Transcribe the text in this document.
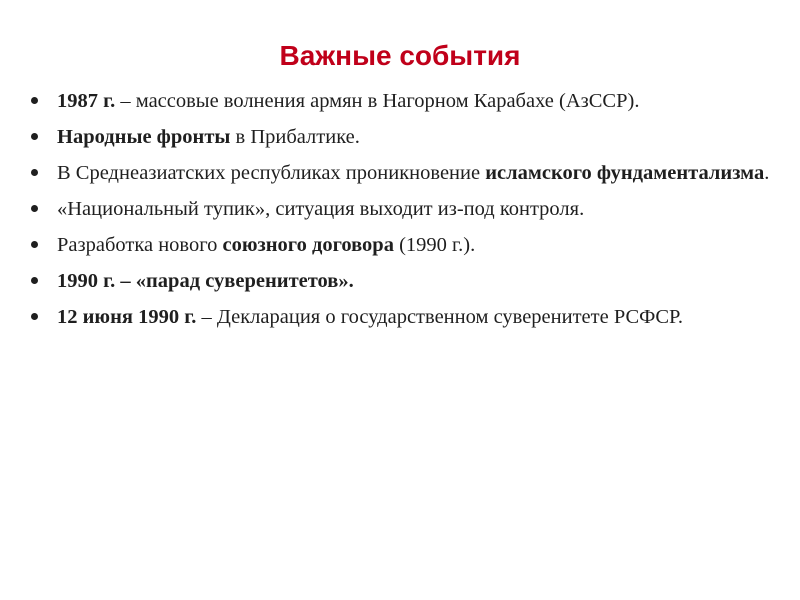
Важные события
1987 г. – массовые волнения армян в Нагорном Карабахе (АзССР).
Народные фронты в Прибалтике.
В Среднеазиатских республиках проникновение исламского фундаментализма.
«Национальный тупик», ситуация выходит из-под контроля.
Разработка нового союзного договора (1990 г.).
1990 г. – «парад суверенитетов».
12 июня 1990 г. – Декларация о государственном суверенитете РСФСР.
